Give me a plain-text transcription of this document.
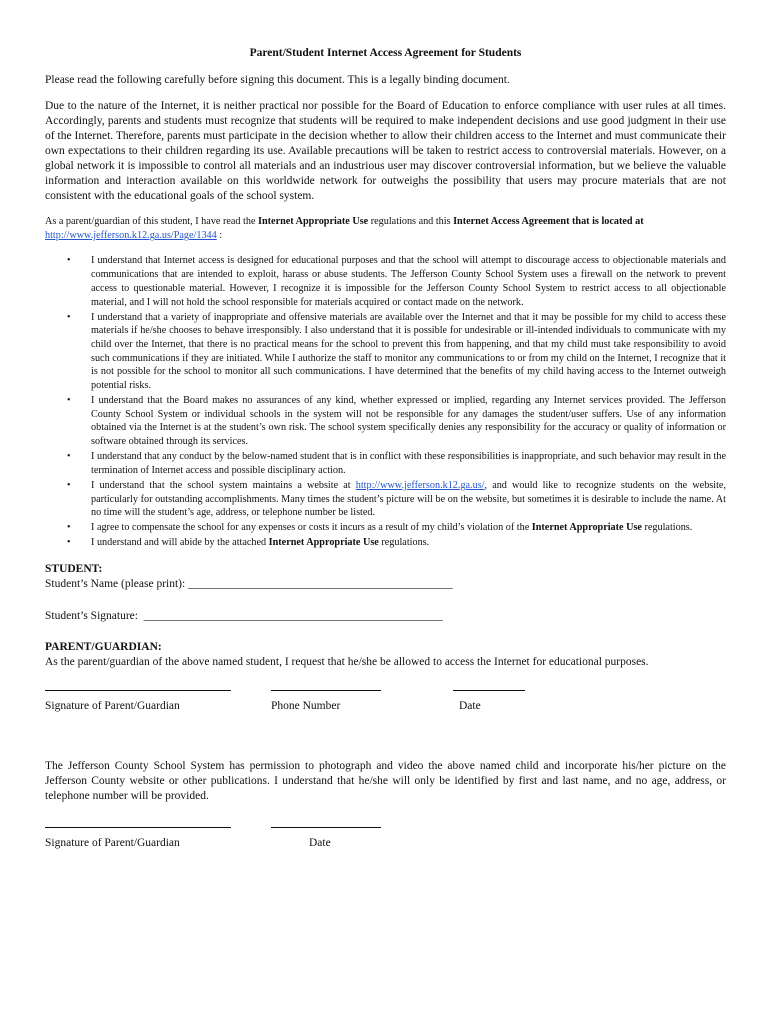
Parent/Student Internet Access Agreement for Students

Please read the following carefully before signing this document. This is a legally binding document.

Due to the nature of the Internet, it is neither practical nor possible for the Board of Education to enforce compliance with user rules at all times. Accordingly, parents and students must recognize that students will be required to make independent decisions and use good judgment in their use of the Internet. Therefore, parents must participate in the decision whether to allow their children access to the Internet and must communicate their own expectations to their children regarding its use. Available precautions will be taken to restrict access to controversial materials. However, on a global network it is impossible to control all materials and an industrious user may discover controversial information, but we believe the valuable information and interaction available on this worldwide network for outweighs the possibility that users may procure materials that are not consistent with the educational goals of the school system.

As a parent/guardian of this student, I have read the Internet Appropriate Use regulations and this Internet Access Agreement that is located at
http://www.jefferson.k12.ga.us/Page/1344 :

• I understand that Internet access is designed for educational purposes and that the school will attempt to discourage access to objectionable materials and communications that are intended to exploit, harass or abuse students. The Jefferson County School System uses a firewall on the network to prevent access to questionable material. However, I recognize it is impossible for the Jefferson County School System to restrict access to all objectionable material, and I will not hold the school responsible for materials acquired or contact made on the network.
• I understand that a variety of inappropriate and offensive materials are available over the Internet and that it may be possible for my child to access these materials if he/she chooses to behave irresponsibly. I also understand that it is possible for undesirable or ill-intended individuals to communicate with my child over the Internet, that there is no practical means for the school to prevent this from happening, and that my child must take responsibility to avoid such communications if they are initiated. While I authorize the staff to monitor any communications to or from my child on the Internet, I recognize that it is not possible for the school to monitor all such communications. I have determined that the benefits of my child having access to the Internet outweigh potential risks.
• I understand that the Board makes no assurances of any kind, whether expressed or implied, regarding any Internet services provided. The Jefferson County School System or individual schools in the system will not be responsible for any damages the student/user suffers. Use of any information obtained via the Internet is at the student’s own risk. The school system specifically denies any responsibility for the accuracy or quality of information or software obtained through its services.
• I understand that any conduct by the below-named student that is in conflict with these responsibilities is inappropriate, and such behavior may result in the termination of Internet access and possible disciplinary action.
• I understand that the school system maintains a website at http://www.jefferson.k12.ga.us/, and would like to recognize students on the website, particularly for outstanding accomplishments. Many times the student’s picture will be on the website, but sometimes it is desirable to include the name. At no time will the student’s age, address, or telephone number be listed.
• I agree to compensate the school for any expenses or costs it incurs as a result of my child’s violation of the Internet Appropriate Use regulations.
• I understand and will abide by the attached Internet Appropriate Use regulations.

STUDENT:

Student’s Name (please print): ______________________________________________

Student’s Signature:  ____________________________________________________

PARENT/GUARDIAN:

As the parent/guardian of the above named student, I request that he/she be allowed to access the Internet for educational purposes.

Signature of Parent/Guardian	Phone Number	Date

The Jefferson County School System has permission to photograph and video the above named child and incorporate his/her picture on the Jefferson County website or other publications. I understand that he/she will only be identified by first and last name, and no age, address, or telephone number will be provided.

Signature of Parent/Guardian	Date
